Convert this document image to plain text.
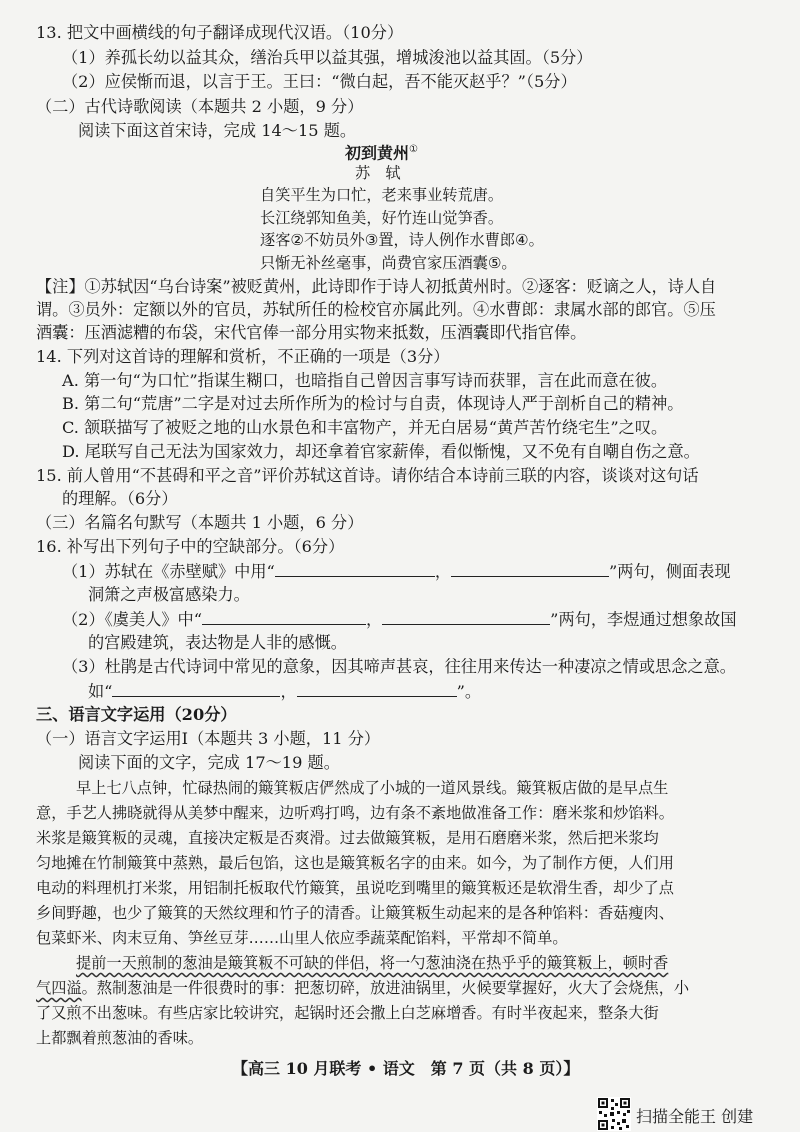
13. 把文中画横线的句子翻译成现代汉语。（10分）
（1）养孤长幼以益其众，缮治兵甲以益其强，增城浚池以益其固。（5分）
（2）应侯惭而退，以言于王。王曰：“微白起，吾不能灭赵乎？”（5分）
（二）古代诗歌阅读（本题共 2 小题，9 分）
阅读下面这首宋诗，完成 14～15 题。
初到黄州①
苏　轼
自笑平生为口忙，老来事业转荒唐。
长江绕郭知鱼美，好竹连山觉笋香。
逐客②不妨员外③置，诗人例作水曹郎④。
只惭无补丝毫事，尚费官家压酒囊⑤。
【注】①苏轼因“乌台诗案”被贬黄州，此诗即作于诗人初抵黄州时。②逐客：贬谪之人，诗人自
谓。③员外：定额以外的官员，苏轼所任的检校官亦属此列。④水曹郎：隶属水部的郎官。⑤压
酒囊：压酒滤糟的布袋，宋代官俸一部分用实物来抵数，压酒囊即代指官俸。
14. 下列对这首诗的理解和赏析，不正确的一项是（3分）
A. 第一句“为口忙”指谋生糊口，也暗指自己曾因言事写诗而获罪，言在此而意在彼。
B. 第二句“荒唐”二字是对过去所作所为的检讨与自责，体现诗人严于剖析自己的精神。
C. 颔联描写了被贬之地的山水景色和丰富物产，并无白居易“黄芦苦竹绕宅生”之叹。
D. 尾联写自己无法为国家效力，却还拿着官家薪俸，看似惭愧，又不免有自嘲自伤之意。
15. 前人曾用“不甚碍和平之音”评价苏轼这首诗。请你结合本诗前三联的内容，谈谈对这句话
的理解。（6分）
（三）名篇名句默写（本题共 1 小题，6 分）
16. 补写出下列句子中的空缺部分。（6分）
（1）苏轼在《赤壁赋》中用“	，	”两句，侧面表现
洞箫之声极富感染力。
（2）《虞美人》中“	，	”两句，李煜通过想象故国
的宫殿建筑，表达物是人非的感慨。
（3）杜鹃是古代诗词中常见的意象，因其啼声甚哀，往往用来传达一种凄凉之情或思念之意。
如“	，	”。
三、语言文字运用（20分）
（一）语言文字运用Ⅰ（本题共 3 小题，11 分）
阅读下面的文字，完成 17～19 题。
早上七八点钟，忙碌热闹的簸箕粄店俨然成了小城的一道风景线。簸箕粄店做的是早点生
意，手艺人拂晓就得从美梦中醒来，边听鸡打鸣，边有条不紊地做准备工作：磨米浆和炒馅料。
米浆是簸箕粄的灵魂，直接决定粄是否爽滑。过去做簸箕粄，是用石磨磨米浆，然后把米浆均
匀地摊在竹制簸箕中蒸熟，最后包馅，这也是簸箕粄名字的由来。如今，为了制作方便，人们用
电动的料理机打米浆，用铝制托板取代竹簸箕，虽说吃到嘴里的簸箕粄还是软滑生香，却少了点
乡间野趣，也少了簸箕的天然纹理和竹子的清香。让簸箕粄生动起来的是各种馅料：香菇瘦肉、
包菜虾米、肉末豆角、笋丝豆芽……山里人依应季蔬菜配馅料，平常却不简单。
提前一天煎制的葱油是簸箕粄不可缺的伴侣，将一勺葱油浇在热乎乎的簸箕粄上，顿时香
气四溢。熬制葱油是一件很费时的事：把葱切碎，放进油锅里，火候要掌握好，火大了会烧焦，小
了又煎不出葱味。有些店家比较讲究，起锅时还会撒上白芝麻增香。有时半夜起来，整条大街
上都飘着煎葱油的香味。
【高三 10 月联考 • 语文　第 7 页（共 8 页）】
扫描全能王 创建
